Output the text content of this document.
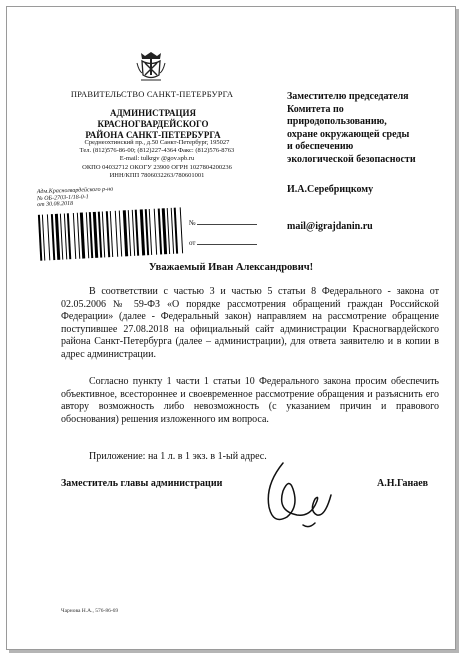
ПРАВИТЕЛЬСТВО САНКТ-ПЕТЕРБУРГА
АДМИНИСТРАЦИЯ КРАСНОГВАРДЕЙСКОГО
РАЙОНА САНКТ-ПЕТЕРБУРГА
Среднеохтинский пр., д.50 Санкт-Петербург, 195027
Тел. (812)576-86-00; (812)227-4364 Факс: (812)576-8763
E-mail: tulkrgv @gov.spb.ru
ОКПО 04032712 ОКОГУ 23900 ОГРН 1027804200236
ИНН/КПП 7806032263/780601001
Адм.Красногвардейского р-на
№ ОБ-2703-1/18-0-1
от 30.08.2018
№
от
Заместителю председателя
Комитета по
природопользованию,
охране окружающей среды
и обеспечению
экологической безопасности
И.А.Серебрицкому
mail@igrajdanin.ru
Уважаемый Иван Александрович!
В соответствии с частью 3 и частью 5 статьи 8 Федерального - закона от 02.05.2006 № 59-ФЗ «О порядке рассмотрения обращений граждан Российской Федерации» (далее - Федеральный закон) направляем на рассмотрение обращение поступившее 27.08.2018 на официальный сайт администрации Красногвардейского района Санкт-Петербурга (далее – администрации), для ответа заявителю и в копии в адрес администрации.
Согласно пункту 1 части 1 статьи 10 Федерального закона просим обеспечить объективное, всестороннее и своевременное рассмотрение обращения и разъяснить его автору возможность либо невозможность (с указанием причин и правового обоснования) решения изложенного им вопроса.
Приложение: на 1 л. в 1 экз. в 1-ый адрес.
Заместитель главы администрации	А.Н.Ганаев
Чарнова Н.А., 576-86-69
